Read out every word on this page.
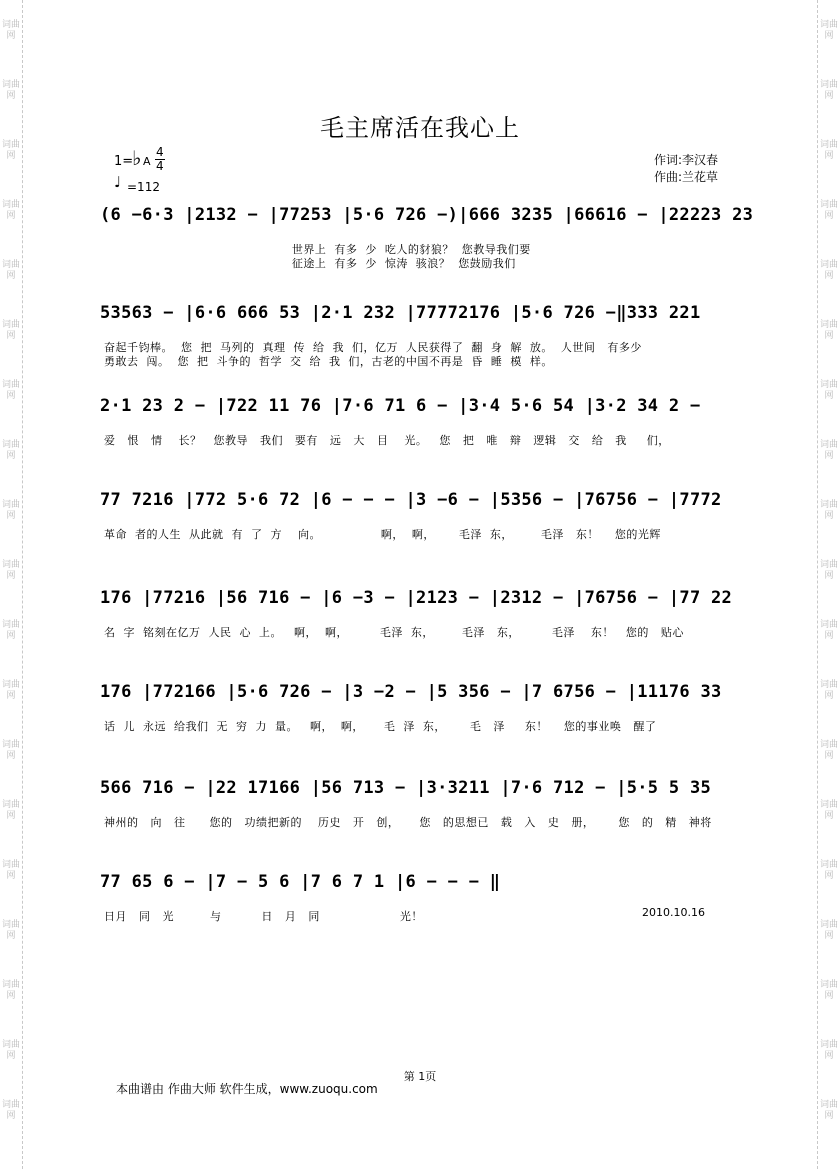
词曲网
词曲网
词曲网
词曲网
词曲网
词曲网
词曲网
词曲网
词曲网
词曲网
词曲网
词曲网
词曲网
词曲网
词曲网
词曲网
词曲网
词曲网
词曲网
词曲网
词曲网
词曲网
词曲网
词曲网
词曲网
词曲网
词曲网
词曲网
词曲网
词曲网
词曲网
词曲网
词曲网
词曲网
词曲网
词曲网
词曲网
词曲网
毛主席活在我心上
1=
♭ A
4
4
♩ =112
作词:李汉春
作曲:兰花草
(6 −6·3 |2132 − |77253 |5·6 726 −)|666 3235 |66616 − |22223 23
世界上  有多  少  吃人的豺狼？  您教导我们要
征途上  有多  少  惊涛  骇浪？  您鼓励我们
53563 − |6·6 666 53 |2·1 232 |77772176 |5·6 726 −‖333 221
奋起千钧棒。  您  把  马列的  真理  传  给  我  们，亿万  人民获得了  翻  身  解  放。  人世间   有多少
勇敢去  闯。  您  把  斗争的  哲学  交  给  我  们，古老的中国不再是  昏  睡  模  样。
2·1 23 2 − |722 11 76 |7·6 71 6 − |3·4 5·6 54 |3·2 34 2 −
爱   恨   情    长？   您教导   我们   要有   远   大   目    光。   您   把   唯   辩   逻辑   交   给   我     们，
77 7216 |772 5·6 72 |6 − − − |3 −6 − |5356 − |76756 − |7772
革命  者的人生  从此就  有  了  方    向。               啊，  啊，      毛泽  东，       毛泽   东！    您的光辉
176 |77216 |56 716 − |6 −3 − |2123 − |2312 − |76756 − |77 22
名  字  铭刻在亿万  人民  心  上。   啊，  啊，        毛泽  东，       毛泽   东，        毛泽    东！   您的   贴心
176 |772166 |5·6 726 − |3 −2 − |5 356 − |7 6756 − |11176 33
话  儿  永远  给我们  无  穷  力  量。   啊，  啊，     毛  泽  东，      毛   泽     东！    您的事业唤   醒了
566 716 − |22 17166 |56 713 − |3·3211 |7·6 712 − |5·5 5 35
神州的   向   往      您的   功绩把新的    历史   开   创，     您   的思想已   载   入   史   册，      您   的   精   神将
77 65 6 − |7 − 5 6 |7 6 7 1 |6 − − − ‖
日月   同   光         与          日   月   同                    光！	2010.10.16
第 1页
本曲谱由 作曲大师 软件生成，www.zuoqu.com
